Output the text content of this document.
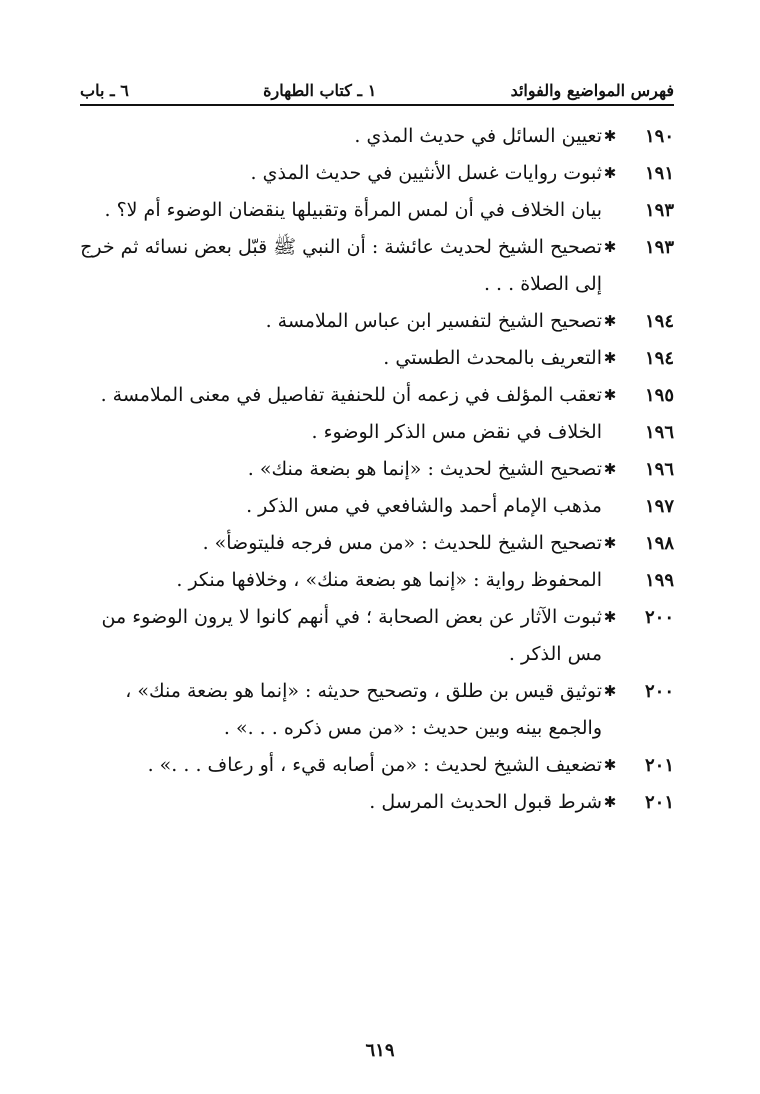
فهرس المواضيع والفوائد
١ ـ كتاب الطهارة
٦ ـ باب
١٩٠
✱
تعيين السائل في حديث المذي .
١٩١
✱
ثبوت روايات غسل الأنثيين في حديث المذي .
١٩٣
بيان الخلاف في أن لمس المرأة وتقبيلها ينقضان الوضوء أم لا؟ .
١٩٣
✱
تصحيح الشيخ لحديث عائشة : أن النبي ﷺ قبّل بعض نسائه ثم خرج إلى الصلاة . . .
١٩٤
✱
تصحيح الشيخ لتفسير ابن عباس الملامسة .
١٩٤
✱
التعريف بالمحدث الطستي .
١٩٥
✱
تعقب المؤلف في زعمه أن للحنفية تفاصيل في معنى الملامسة .
١٩٦
الخلاف في نقض مس الذكر الوضوء .
١٩٦
✱
تصحيح الشيخ لحديث : «إنما هو بضعة منك» .
١٩٧
مذهب الإمام أحمد والشافعي في مس الذكر .
١٩٨
✱
تصحيح الشيخ للحديث : «من مس فرجه فليتوضأ» .
١٩٩
المحفوظ رواية : «إنما هو بضعة منك» ، وخلافها منكر .
٢٠٠
✱
ثبوت الآثار عن بعض الصحابة ؛ في أنهم كانوا لا يرون الوضوء من مس الذكر .
٢٠٠
✱
توثيق قيس بن طلق ، وتصحيح حديثه : «إنما هو بضعة منك» ، والجمع بينه وبين حديث : «من مس ذكره . . .» .
٢٠١
✱
تضعيف الشيخ لحديث : «من أصابه قيء ، أو رعاف . . .» .
٢٠١
✱
شرط قبول الحديث المرسل .
٦١٩
